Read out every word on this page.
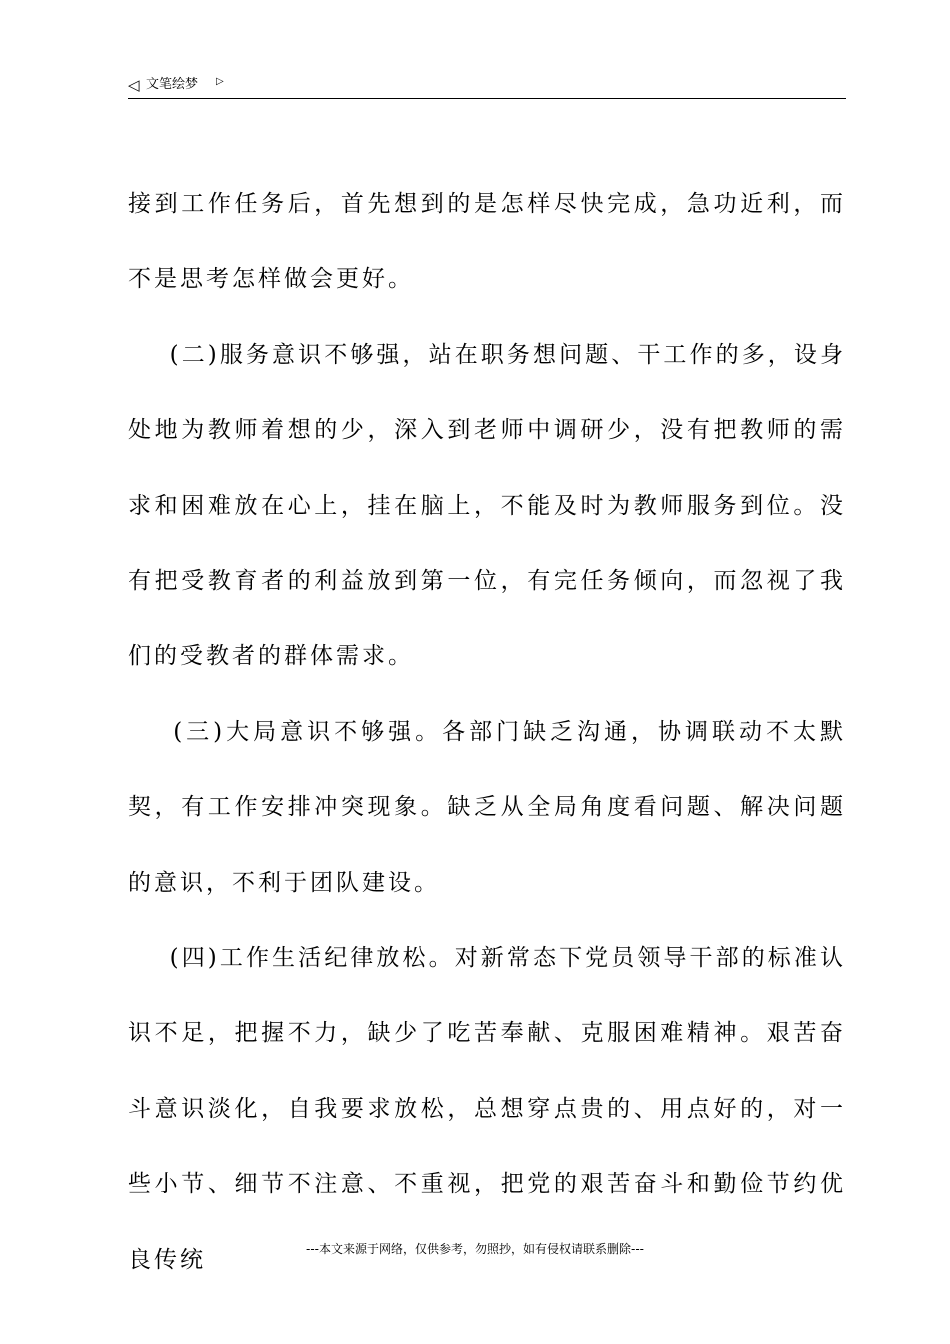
◁ 文笔绘梦 ▷

接到工作任务后，首先想到的是怎样尽快完成，急功近利，而不是思考怎样做会更好。

(二)服务意识不够强，站在职务想问题、干工作的多，设身处地为教师着想的少，深入到老师中调研少，没有把教师的需求和困难放在心上，挂在脑上，不能及时为教师服务到位。没有把受教育者的利益放到第一位，有完任务倾向，而忽视了我们的受教者的群体需求。

(三)大局意识不够强。各部门缺乏沟通，协调联动不太默契，有工作安排冲突现象。缺乏从全局角度看问题、解决问题的意识，不利于团队建设。

(四)工作生活纪律放松。对新常态下党员领导干部的标准认识不足，把握不力，缺少了吃苦奉献、克服困难精神。艰苦奋斗意识淡化，自我要求放松，总想穿点贵的、用点好的，对一些小节、细节不注意、不重视，把党的艰苦奋斗和勤俭节约优良传统	---本文来源于网络，仅供参考，勿照抄，如有侵权请联系删除---
